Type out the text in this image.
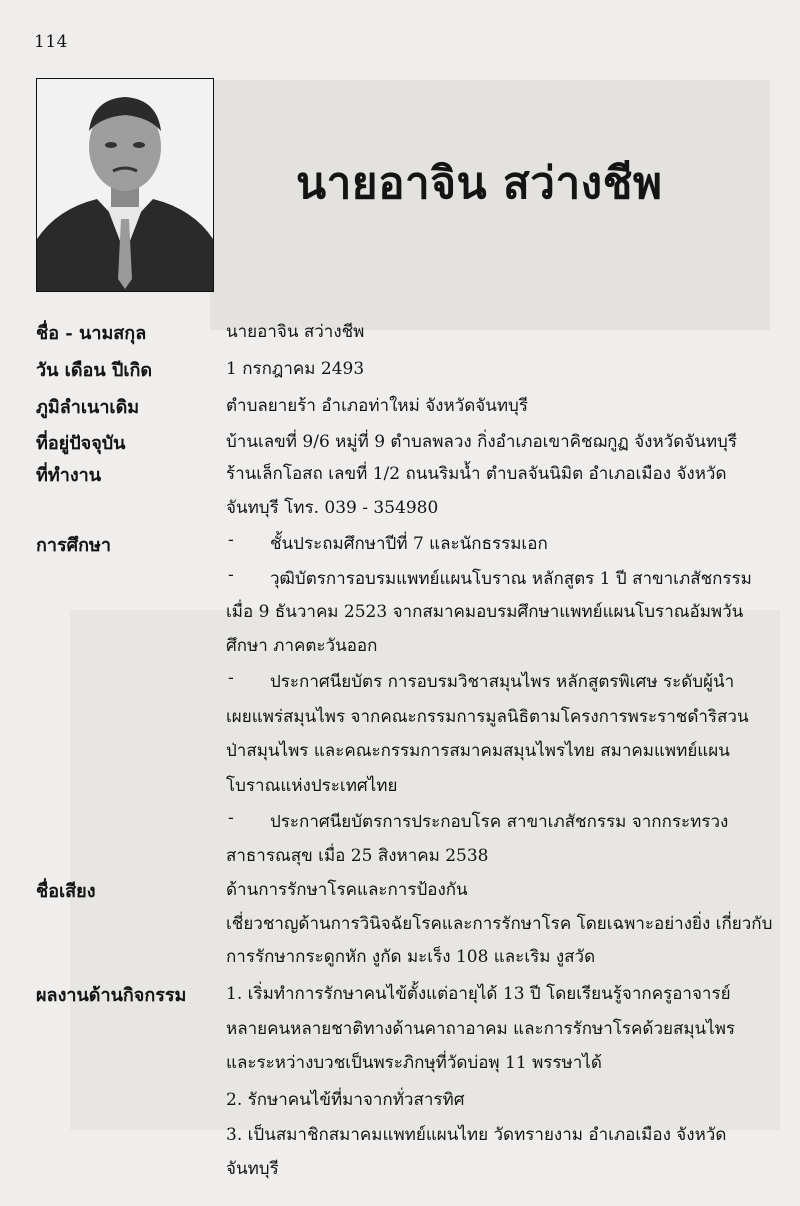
114
นายอาจิน สว่างชีพ
ชื่อ - นามสกุล	นายอาจิน สว่างชีพ
วัน เดือน ปีเกิด	1 กรกฎาคม 2493
ภูมิลำเนาเดิม	ตำบลยายร้า อำเภอท่าใหม่ จังหวัดจันทบุรี
ที่อยู่ปัจจุบัน	บ้านเลขที่ 9/6 หมู่ที่ 9 ตำบลพลวง กิ่งอำเภอเขาคิชฌกูฏ จังหวัดจันทบุรี
ที่ทำงาน	ร้านเล็กโอสถ เลขที่ 1/2 ถนนริมน้ำ ตำบลจันนิมิต อำเภอเมือง จังหวัด
จันทบุรี โทร. 039 - 354980
การศึกษา	- ชั้นประถมศึกษาปีที่ 7 และนักธรรมเอก
- วุฒิบัตรการอบรมแพทย์แผนโบราณ หลักสูตร 1 ปี สาขาเภสัชกรรม
เมื่อ 9 ธันวาคม 2523 จากสมาคมอบรมศึกษาแพทย์แผนโบราณอัมพวัน
ศึกษา ภาคตะวันออก
- ประกาศนียบัตร การอบรมวิชาสมุนไพร หลักสูตรพิเศษ ระดับผู้นำ
เผยแพร่สมุนไพร จากคณะกรรมการมูลนิธิตามโครงการพระราชดำริสวน
ป่าสมุนไพร และคณะกรรมการสมาคมสมุนไพรไทย สมาคมแพทย์แผน
โบราณแห่งประเทศไทย
- ประกาศนียบัตรการประกอบโรค สาขาเภสัชกรรม จากกระทรวง
สาธารณสุข เมื่อ 25 สิงหาคม 2538
ชื่อเสียง	ด้านการรักษาโรคและการป้องกัน
เชี่ยวชาญด้านการวินิจฉัยโรคและการรักษาโรค โดยเฉพาะอย่างยิ่ง เกี่ยวกับ
การรักษากระดูกหัก งูกัด มะเร็ง 108 และเริม งูสวัด
ผลงานด้านกิจกรรม 1. เริ่มทำการรักษาคนไข้ตั้งแต่อายุได้ 13 ปี โดยเรียนรู้จากครูอาจารย์
หลายคนหลายชาติทางด้านคาถาอาคม และการรักษาโรคด้วยสมุนไพร
และระหว่างบวชเป็นพระภิกษุที่วัดบ่อพุ 11 พรรษาได้
2. รักษาคนไข้ที่มาจากทั่วสารทิศ
3. เป็นสมาชิกสมาคมแพทย์แผนไทย วัดทรายงาม อำเภอเมือง จังหวัด
จันทบุรี
